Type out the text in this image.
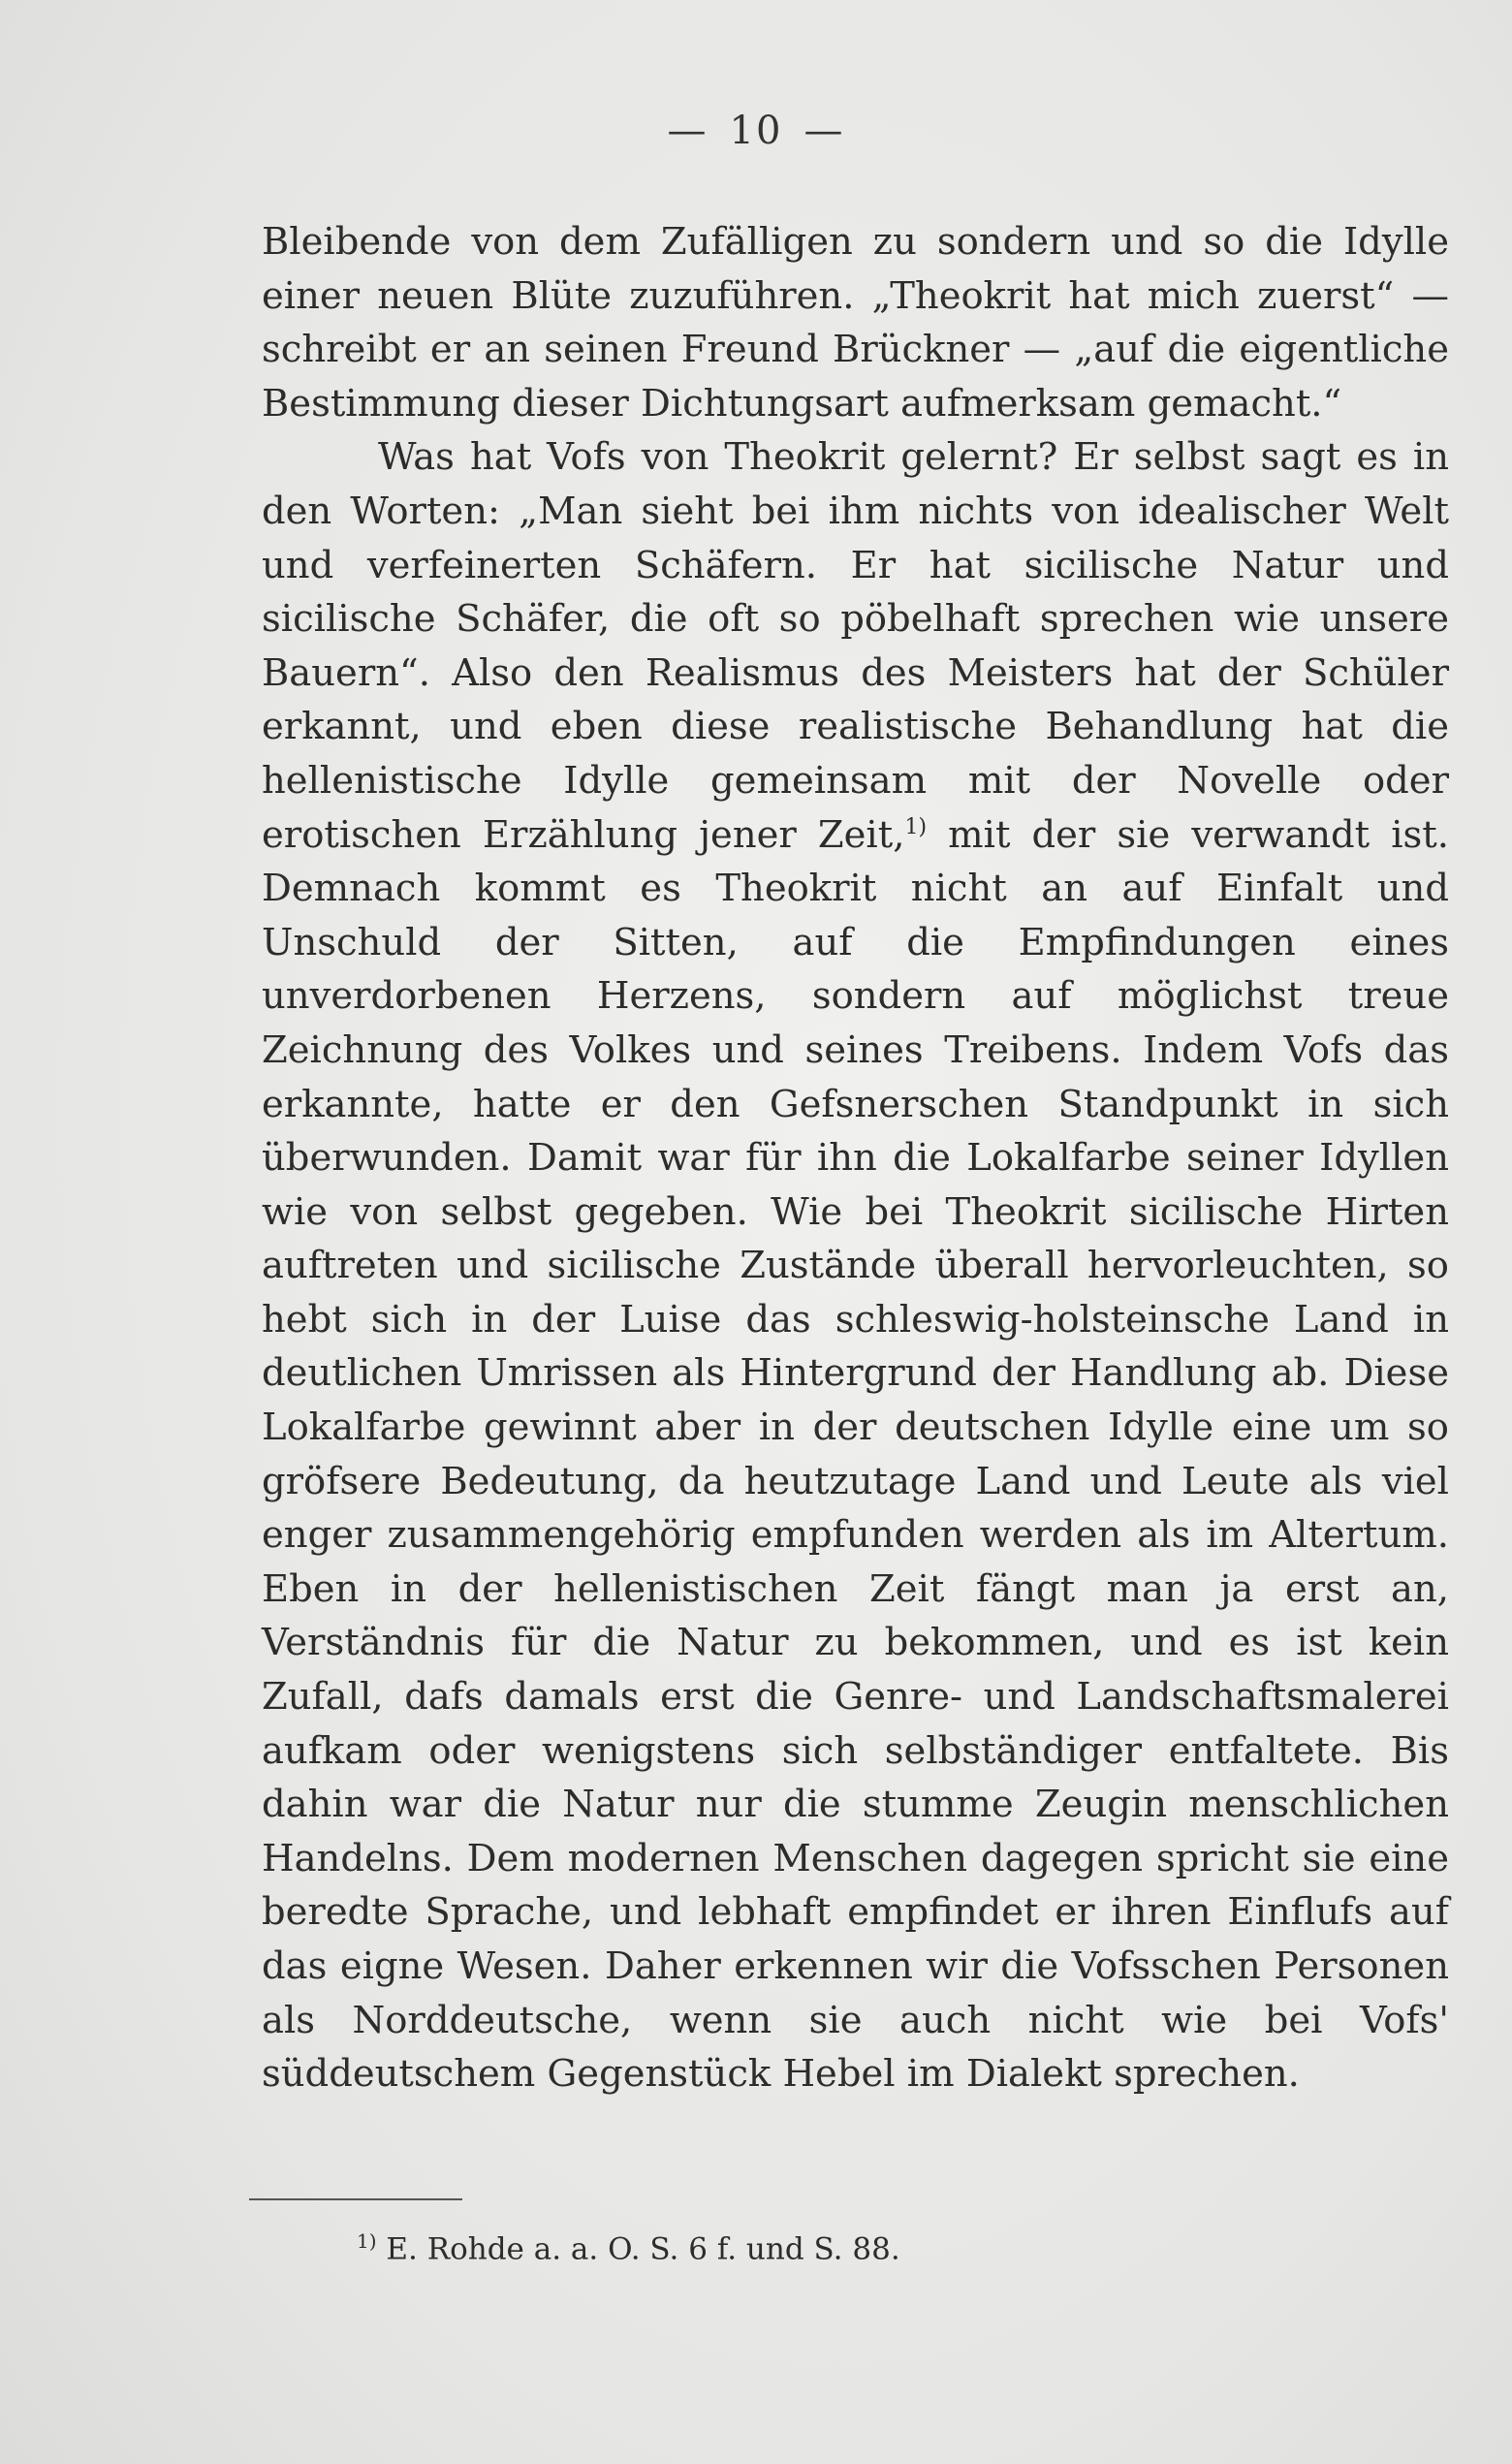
— 10 —

Bleibende von dem Zufälligen zu sondern und so die Idylle einer neuen Blüte zuzuführen. „Theokrit hat mich zuerst“ — schreibt er an seinen Freund Brückner — „auf die eigentliche Bestimmung dieser Dichtungsart aufmerksam gemacht.“

Was hat Vofs von Theokrit gelernt? Er selbst sagt es in den Worten: „Man sieht bei ihm nichts von idealischer Welt und verfeinerten Schäfern. Er hat sicilische Natur und sicilische Schäfer, die oft so pöbelhaft sprechen wie unsere Bauern“. Also den Realismus des Meisters hat der Schüler erkannt, und eben diese realistische Behandlung hat die hellenistische Idylle gemeinsam mit der Novelle oder erotischen Erzählung jener Zeit,$^{1)}$ mit der sie verwandt ist. Demnach kommt es Theokrit nicht an auf Einfalt und Unschuld der Sitten, auf die Empfindungen eines unverdorbenen Herzens, sondern auf möglichst treue Zeichnung des Volkes und seines Treibens. Indem Vofs das erkannte, hatte er den Gefsnerschen Standpunkt in sich überwunden. Damit war für ihn die Lokalfarbe seiner Idyllen wie von selbst gegeben. Wie bei Theokrit sicilische Hirten auftreten und sicilische Zustände überall hervorleuchten, so hebt sich in der Luise das schleswig-holsteinsche Land in deutlichen Umrissen als Hintergrund der Handlung ab. Diese Lokalfarbe gewinnt aber in der deutschen Idylle eine um so gröfsere Bedeutung, da heutzutage Land und Leute als viel enger zusammengehörig empfunden werden als im Altertum. Eben in der hellenistischen Zeit fängt man ja erst an, Verständnis für die Natur zu bekommen, und es ist kein Zufall, dafs damals erst die Genre- und Landschaftsmalerei aufkam oder wenigstens sich selbständiger entfaltete. Bis dahin war die Natur nur die stumme Zeugin menschlichen Handelns. Dem modernen Menschen dagegen spricht sie eine beredte Sprache, und lebhaft empfindet er ihren Einflufs auf das eigne Wesen. Daher erkennen wir die Vofsschen Personen als Norddeutsche, wenn sie auch nicht wie bei Vofs' süddeutschem Gegenstück Hebel im Dialekt sprechen.

$^{1)}$ E. Rohde a. a. O. S. 6 f. und S. 88.
